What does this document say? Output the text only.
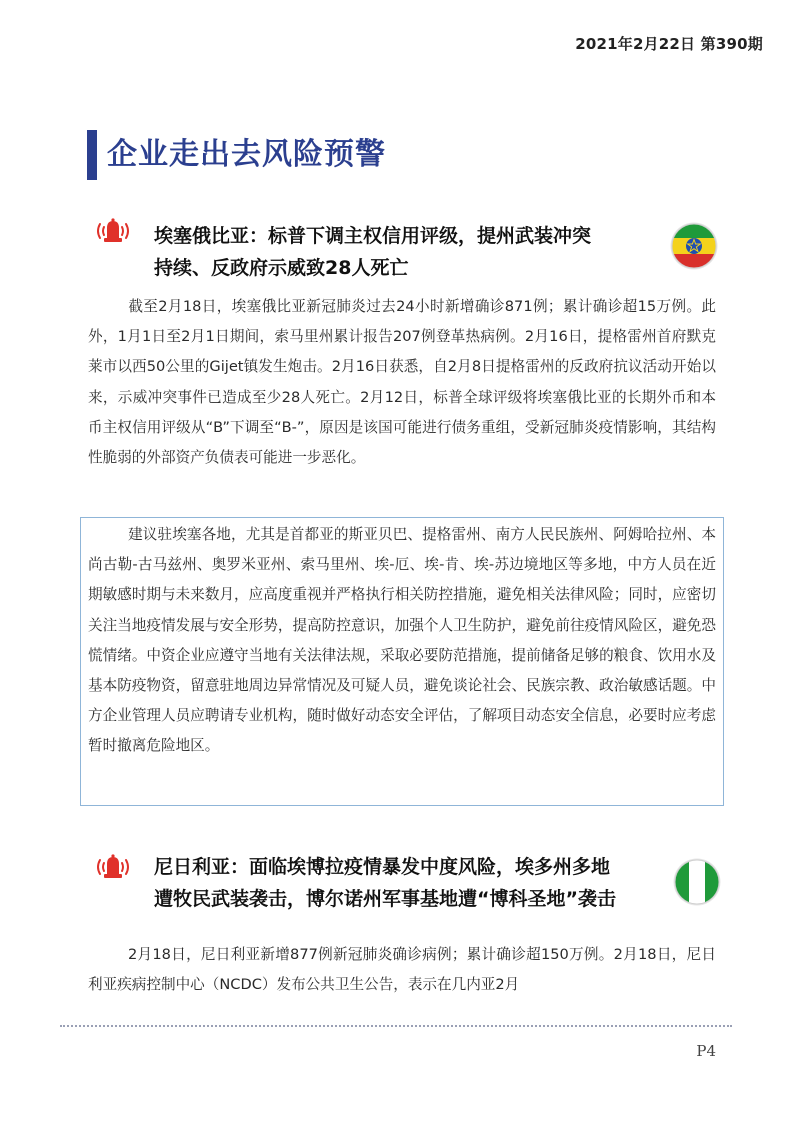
2021年2月22日 第390期
企业走出去风险预警
埃塞俄比亚：标普下调主权信用评级，提州武装冲突
持续、反政府示威致28人死亡

截至2月18日，埃塞俄比亚新冠肺炎过去24小时新增确诊871例；累计确诊超15万例。此外，1月1日至2月1日期间，索马里州累计报告207例登革热病例。2月16日，提格雷州首府默克莱市以西50公里的Gijet镇发生炮击。2月16日获悉，自2月8日提格雷州的反政府抗议活动开始以来，示威冲突事件已造成至少28人死亡。2月12日，标普全球评级将埃塞俄比亚的长期外币和本币主权信用评级从“B”下调至“B-”，原因是该国可能进行债务重组，受新冠肺炎疫情影响，其结构性脆弱的外部资产负债表可能进一步恶化。

建议驻埃塞各地，尤其是首都亚的斯亚贝巴、提格雷州、南方人民民族州、阿姆哈拉州、本尚古勒-古马兹州、奥罗米亚州、索马里州、埃-厄、埃-肯、埃-苏边境地区等多地，中方人员在近期敏感时期与未来数月，应高度重视并严格执行相关防控措施，避免相关法律风险；同时，应密切关注当地疫情发展与安全形势，提高防控意识，加强个人卫生防护，避免前往疫情风险区，避免恐慌情绪。中资企业应遵守当地有关法律法规，采取必要防范措施，提前储备足够的粮食、饮用水及基本防疫物资，留意驻地周边异常情况及可疑人员，避免谈论社会、民族宗教、政治敏感话题。中方企业管理人员应聘请专业机构，随时做好动态安全评估，了解项目动态安全信息，必要时应考虑暂时撤离危险地区。

尼日利亚：面临埃博拉疫情暴发中度风险，埃多州多地
遭牧民武装袭击，博尔诺州军事基地遭“博科圣地”袭击

2月18日，尼日利亚新增877例新冠肺炎确诊病例；累计确诊超150万例。2月18日，尼日利亚疾病控制中心（NCDC）发布公共卫生公告，表示在几内亚2月

P4
